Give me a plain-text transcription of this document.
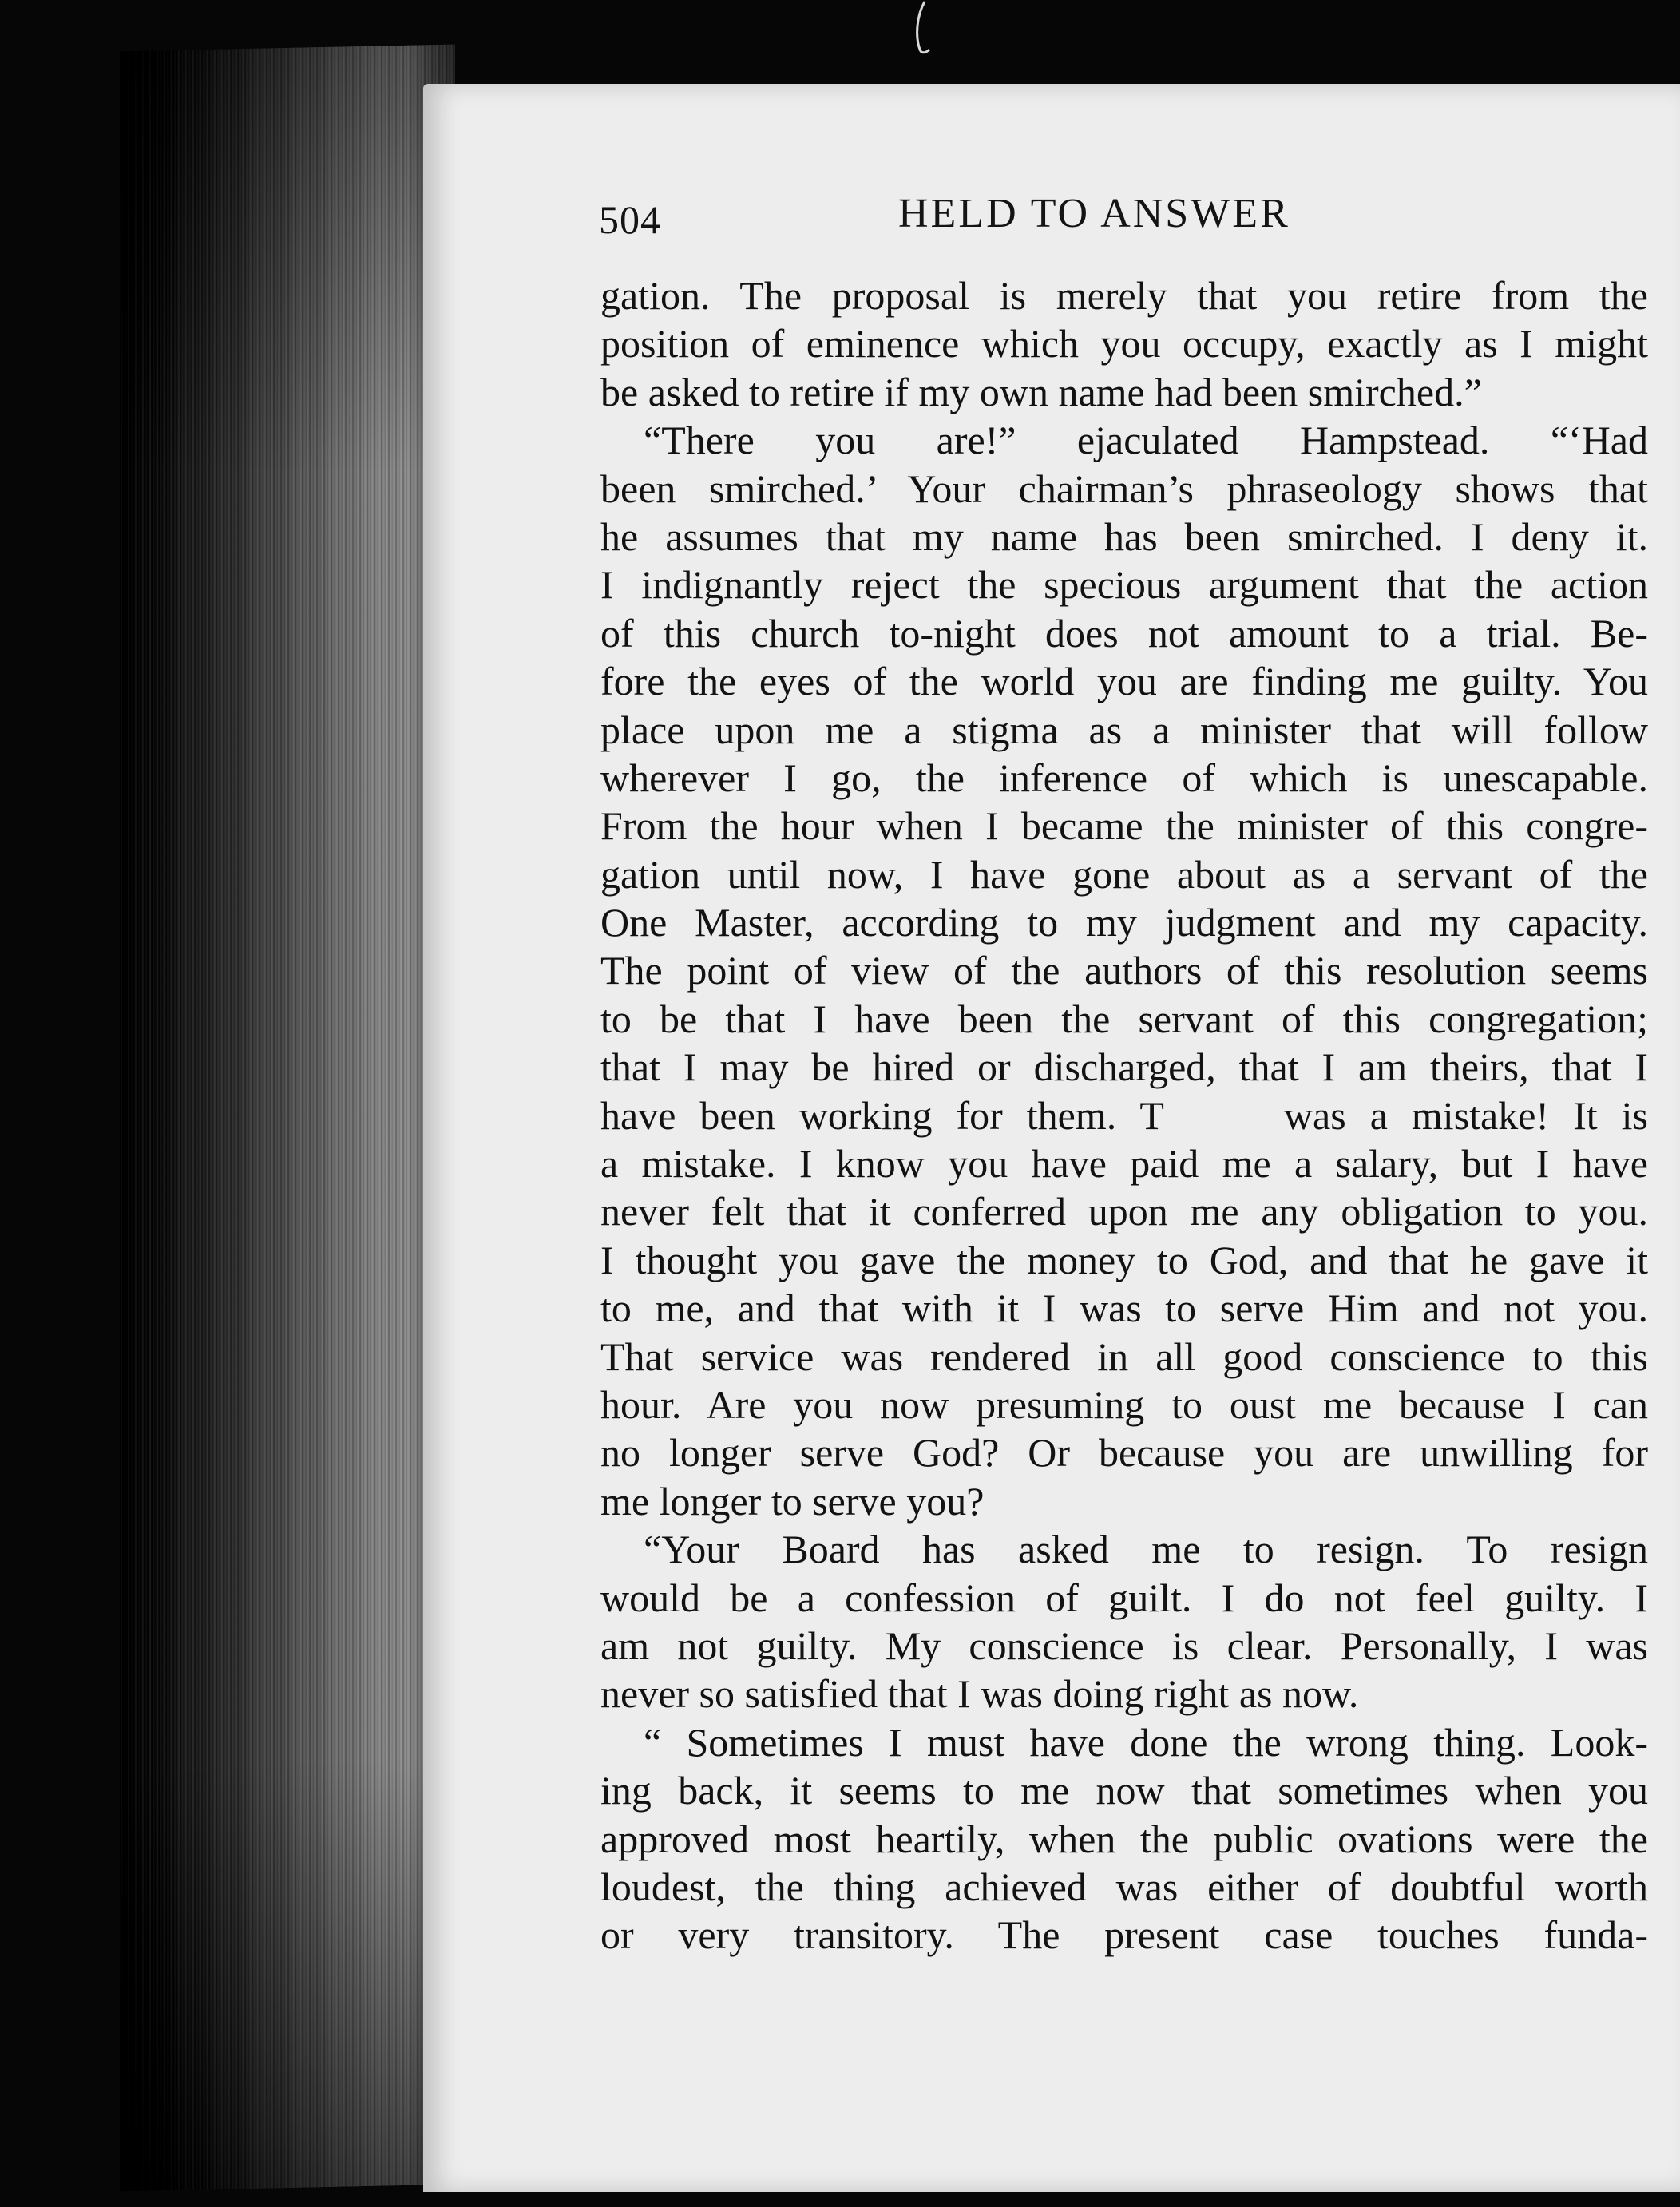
504	HELD TO ANSWER
gation. The proposal is merely that you retire from the
position of eminence which you occupy, exactly as I might
be asked to retire if my own name had been smirched.”
“There you are!” ejaculated Hampstead. “‘Had
been smirched.’ Your chairman’s phraseology shows that
he assumes that my name has been smirched. I deny it.
I indignantly reject the specious argument that the action
of this church to-night does not amount to a trial. Be-
fore the eyes of the world you are finding me guilty. You
place upon me a stigma as a minister that will follow
wherever I go, the inference of which is unescapable.
From the hour when I became the minister of this congre-
gation until now, I have gone about as a servant of the
One Master, according to my judgment and my capacity.
The point of view of the authors of this resolution seems
to be that I have been the servant of this congregation;
that I may be hired or discharged, that I am theirs, that I
have been working for them. T     was a mistake! It is
a mistake. I know you have paid me a salary, but I have
never felt that it conferred upon me any obligation to you.
I thought you gave the money to God, and that he gave it
to me, and that with it I was to serve Him and not you.
That service was rendered in all good conscience to this
hour. Are you now presuming to oust me because I can
no longer serve God? Or because you are unwilling for
me longer to serve you?
“Your Board has asked me to resign. To resign
would be a confession of guilt. I do not feel guilty. I
am not guilty. My conscience is clear. Personally, I was
never so satisfied that I was doing right as now.
“ Sometimes I must have done the wrong thing. Look-
ing back, it seems to me now that sometimes when you
approved most heartily, when the public ovations were the
loudest, the thing achieved was either of doubtful worth
or very transitory. The present case touches funda-
